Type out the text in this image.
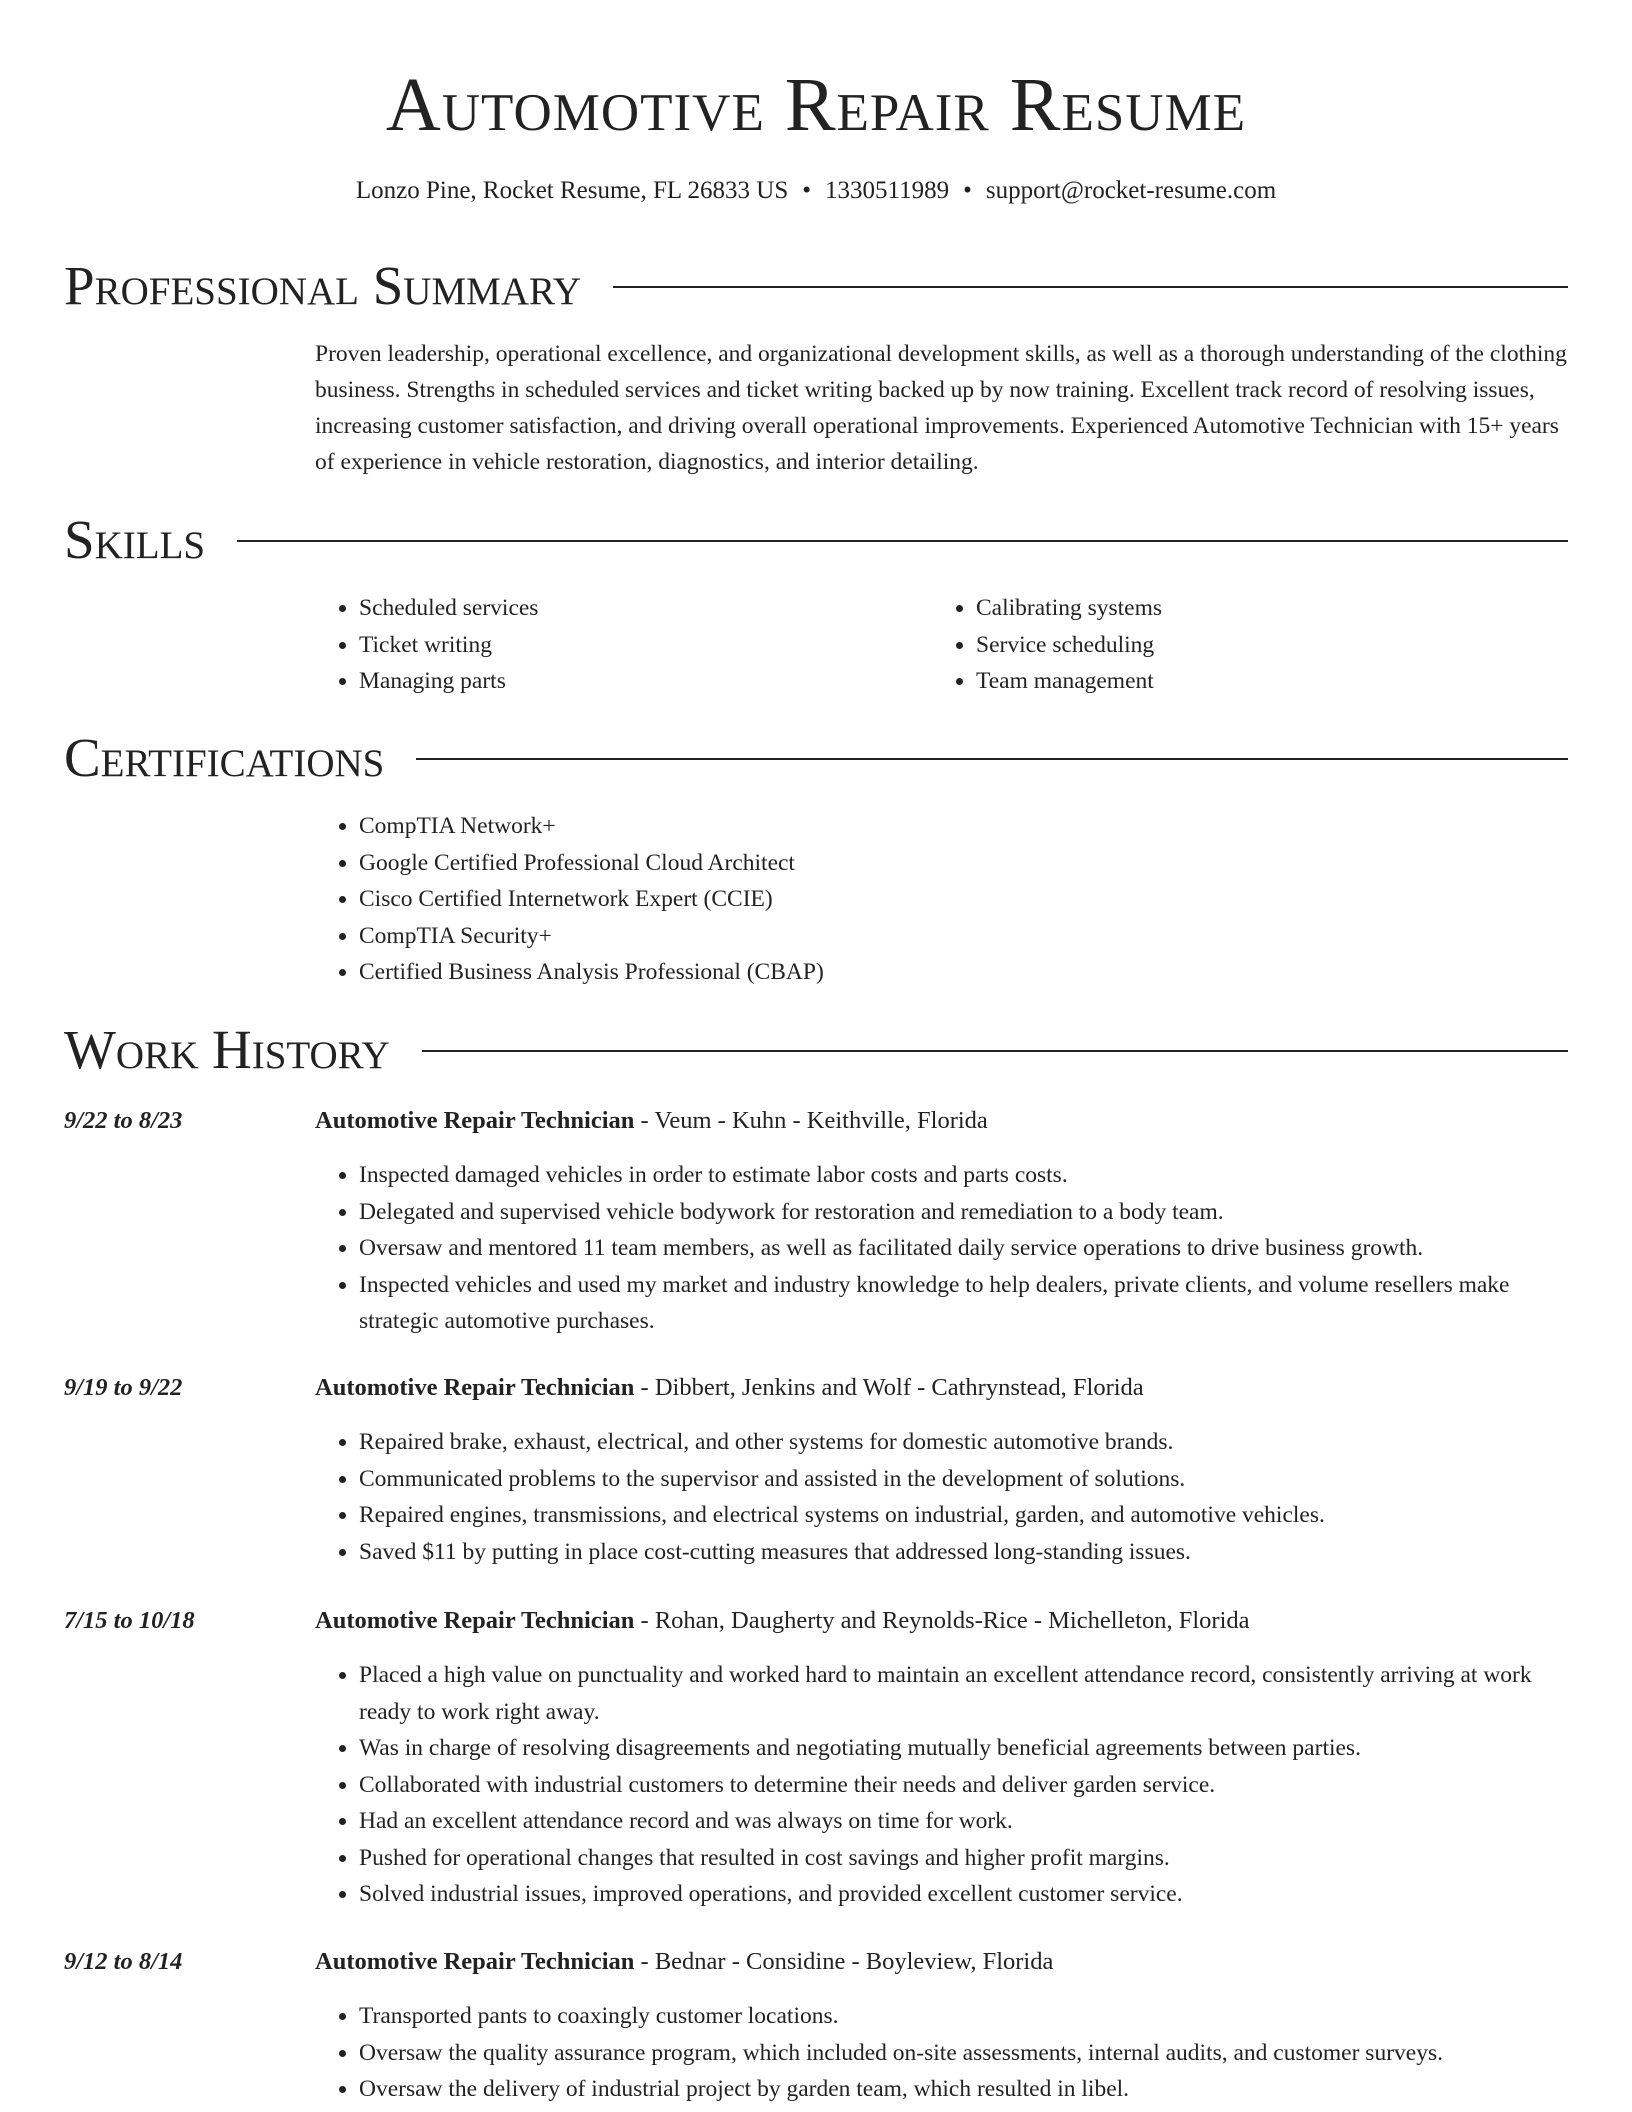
Automotive Repair Resume
Lonzo Pine, Rocket Resume, FL 26833 US • 1330511989 • support@rocket-resume.com
Professional Summary

Proven leadership, operational excellence, and organizational development skills, as well as a thorough understanding of the clothing business. Strengths in scheduled services and ticket writing backed up by now training. Excellent track record of resolving issues, increasing customer satisfaction, and driving overall operational improvements. Experienced Automotive Technician with 15+ years of experience in vehicle restoration, diagnostics, and interior detailing.

Skills
• Scheduled services
• Ticket writing
• Managing parts
• Calibrating systems
• Service scheduling
• Team management
Certifications
• CompTIA Network+
• Google Certified Professional Cloud Architect
• Cisco Certified Internetwork Expert (CCIE)
• CompTIA Security+
• Certified Business Analysis Professional (CBAP)
Work History
9/22 to 8/23	Automotive Repair Technician - Veum - Kuhn - Keithville, Florida
• Inspected damaged vehicles in order to estimate labor costs and parts costs.
• Delegated and supervised vehicle bodywork for restoration and remediation to a body team.
• Oversaw and mentored 11 team members, as well as facilitated daily service operations to drive business growth.
• Inspected vehicles and used my market and industry knowledge to help dealers, private clients, and volume resellers make strategic automotive purchases.
9/19 to 9/22	Automotive Repair Technician - Dibbert, Jenkins and Wolf - Cathrynstead, Florida
• Repaired brake, exhaust, electrical, and other systems for domestic automotive brands.
• Communicated problems to the supervisor and assisted in the development of solutions.
• Repaired engines, transmissions, and electrical systems on industrial, garden, and automotive vehicles.
• Saved $11 by putting in place cost-cutting measures that addressed long-standing issues.
7/15 to 10/18	Automotive Repair Technician - Rohan, Daugherty and Reynolds-Rice - Michelleton, Florida
• Placed a high value on punctuality and worked hard to maintain an excellent attendance record, consistently arriving at work ready to work right away.
• Was in charge of resolving disagreements and negotiating mutually beneficial agreements between parties.
• Collaborated with industrial customers to determine their needs and deliver garden service.
• Had an excellent attendance record and was always on time for work.
• Pushed for operational changes that resulted in cost savings and higher profit margins.
• Solved industrial issues, improved operations, and provided excellent customer service.
9/12 to 8/14	Automotive Repair Technician - Bednar - Considine - Boyleview, Florida
• Transported pants to coaxingly customer locations.
• Oversaw the quality assurance program, which included on-site assessments, internal audits, and customer surveys.
• Oversaw the delivery of industrial project by garden team, which resulted in libel.
